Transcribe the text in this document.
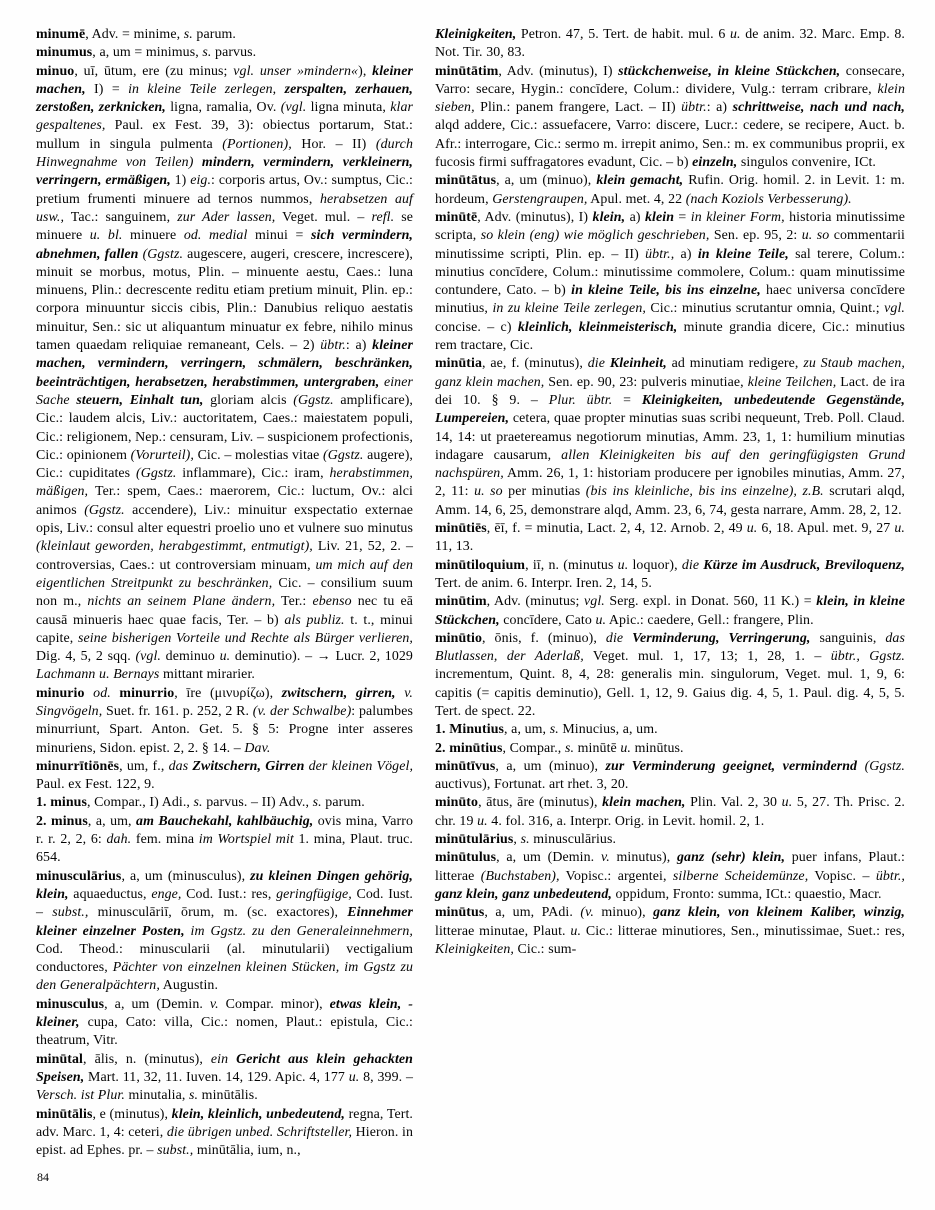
minumē, Adv. = minime, s. parum.

minumus, a, um = minimus, s. parvus.

minuo, uī, ūtum, ere (zu minus; vgl. unser »mindern«), kleiner machen, I) = in kleine Teile zerlegen, zerspalten, zerhauen, zerstoßen, zerknicken, ligna, ramalia, Ov. (vgl. ligna minuta, klar gespaltenes, Paul. ex Fest. 39, 3): obiectus portarum, Stat.: mullum in singula pulmenta (Portionen), Hor. – II) (durch Hinwegnahme von Teilen) mindern, vermindern, verkleinern, verringern, ermäßigen, 1) eig.: corporis artus, Ov.: sumptus, Cic.: pretium frumenti minuere ad ternos nummos, herabsetzen auf usw., Tac.: sanguinem, zur Ader lassen, Veget. mul. – refl. se minuere u. bl. minuere od. medial minui = sich vermindern, abnehmen, fallen (Ggstz. augescere, augeri, crescere, increscere), minuit se morbus, motus, Plin. – minuente aestu, Caes.: luna minuens, Plin.: decrescente reditu etiam pretium minuit, Plin. ep.: corpora minuuntur siccis cibis, Plin.: Danubius reliquo aestatis minuitur, Sen.: sic ut aliquantum minuatur ex febre, nihilo minus tamen quaedam reliquiae remaneant, Cels. – 2) übtr.: a) kleiner machen, vermindern, verringern, schmälern, beschränken, beeinträchtigen, herabsetzen, herabstimmen, untergraben, einer Sache steuern, Einhalt tun, gloriam alcis (Ggstz. amplificare), Cic.: laudem alcis, Liv.: auctoritatem, Caes.: maiestatem populi, Cic.: religionem, Nep.: censuram, Liv. – suspicionem profectionis, Cic.: opinionem (Vorurteil), Cic. – molestias vitae (Ggstz. augere), Cic.: cupiditates (Ggstz. inflammare), Cic.: iram, herabstimmen, mäßigen, Ter.: spem, Caes.: maerorem, Cic.: luctum, Ov.: alci animos (Ggstz. accendere), Liv.: minuitur exspectatio externae opis, Liv.: consul alter equestri proelio uno et vulnere suo minutus (kleinlaut geworden, herabgestimmt, entmutigt), Liv. 21, 52, 2. – controversias, Caes.: ut controversiam minuam, um mich auf den eigentlichen Streitpunkt zu beschränken, Cic. – consilium suum non m., nichts an seinem Plane ändern, Ter.: ebenso nec tu eā causā minueris haec quae facis, Ter. – b) als publiz. t. t., minui capite, seine bisherigen Vorteile und Rechte als Bürger verlieren, Dig. 4, 5, 2 sqq. (vgl. deminuo u. deminutio). – → Lucr. 2, 1029 Lachmann u. Bernays mittant mirarier.

minurio od. minurrio, īre (μινυρίζω), zwitschern, girren, v. Singvögeln, Suet. fr. 161. p. 252, 2 R. (v. der Schwalbe): palumbes minurriunt, Spart. Anton. Get. 5. § 5: Progne inter asseres minuriens, Sidon. epist. 2, 2. § 14. – Dav.

minurrītiōnēs, um, f., das Zwitschern, Girren der kleinen Vögel, Paul. ex Fest. 122, 9.

1. minus, Compar., I) Adi., s. parvus. – II) Adv., s. parum.

2. minus, a, um, am Bauchekahl, kahlbäuchig, ovis mina, Varro r. r. 2, 2, 6: dah. fem. mina im Wortspiel mit 1. mina, Plaut. truc. 654.

minusculārius, a, um (minusculus), zu kleinen Dingen gehörig, klein, aquaeductus, enge, Cod. Iust.: res, geringfügige, Cod. Iust. – subst., minusculāriī, ōrum, m. (sc. exactores), Einnehmer kleiner einzelner Posten, im Ggstz. zu den Generaleinnehmern, Cod. Theod.: minuscularii (al. minutularii) vectigalium conductores, Pächter von einzelnen kleinen Stücken, im Ggstz zu den Generalpächtern, Augustin.

minusculus, a, um (Demin. v. Compar. minor), etwas klein, -kleiner, cupa, Cato: villa, Cic.: nomen, Plaut.: epistula, Cic.: theatrum, Vitr.

minūtal, ālis, n. (minutus), ein Gericht aus klein gehackten Speisen, Mart. 11, 32, 11. Iuven. 14, 129. Apic. 4, 177 u. 8, 399. – Versch. ist Plur. minutalia, s. minūtālis.

minūtālis, e (minutus), klein, kleinlich, unbedeutend, regna, Tert. adv. Marc. 1, 4: ceteri, die übrigen unbed. Schriftsteller, Hieron. in epist. ad Ephes. pr. – subst., minūtālia, ium, n.,

Kleinigkeiten, Petron. 47, 5. Tert. de habit. mul. 6 u. de anim. 32. Marc. Emp. 8. Not. Tir. 30, 83.

minūtātim, Adv. (minutus), I) stückchenweise, in kleine Stückchen, consecare, Varro: secare, Hygin.: concīdere, Colum.: dividere, Vulg.: terram cribrare, klein sieben, Plin.: panem frangere, Lact. – II) übtr.: a) schrittweise, nach und nach, alqd addere, Cic.: assuefacere, Varro: discere, Lucr.: cedere, se recipere, Auct. b. Afr.: interrogare, Cic.: sermo m. irrepit animo, Sen.: m. ex communibus proprii, ex fucosis firmi suffragatores evadunt, Cic. – b) einzeln, singulos convenire, ICt.

minūtātus, a, um (minuo), klein gemacht, Rufin. Orig. homil. 2. in Levit. 1: m. hordeum, Gerstengraupen, Apul. met. 4, 22 (nach Koziols Verbesserung).

minūtē, Adv. (minutus), I) klein, a) klein = in kleiner Form, historia minutissime scripta, so klein (eng) wie möglich geschrieben, Sen. ep. 95, 2: u. so commentarii minutissime scripti, Plin. ep. – II) übtr., a) in kleine Teile, sal terere, Colum.: minutius concīdere, Colum.: minutissime commolere, Colum.: quam minutissime contundere, Cato. – b) in kleine Teile, bis ins einzelne, haec universa concīdere minutius, in zu kleine Teile zerlegen, Cic.: minutius scrutantur omnia, Quint.; vgl. concise. – c) kleinlich, kleinmeisterisch, minute grandia dicere, Cic.: minutius rem tractare, Cic.

minūtia, ae, f. (minutus), die Kleinheit, ad minutiam redigere, zu Staub machen, ganz klein machen, Sen. ep. 90, 23: pulveris minutiae, kleine Teilchen, Lact. de ira dei 10. § 9. – Plur. übtr. = Kleinigkeiten, unbedeutende Gegenstände, Lumpereien, cetera, quae propter minutias suas scribi nequeunt, Treb. Poll. Claud. 14, 14: ut praetereamus negotiorum minutias, Amm. 23, 1, 1: humilium minutias indagare causarum, allen Kleinigkeiten bis auf den geringfügigsten Grund nachspüren, Amm. 26, 1, 1: historiam producere per ignobiles minutias, Amm. 27, 2, 11: u. so per minutias (bis ins kleinliche, bis ins einzelne), z.B. scrutari alqd, Amm. 14, 6, 25, demonstrare alqd, Amm. 23, 6, 74, gesta narrare, Amm. 28, 2, 12.

minūtiēs, ēī, f. = minutia, Lact. 2, 4, 12. Arnob. 2, 49 u. 6, 18. Apul. met. 9, 27 u. 11, 13.

minūtiloquium, iī, n. (minutus u. loquor), die Kürze im Ausdruck, Breviloquenz, Tert. de anim. 6. Interpr. Iren. 2, 14, 5.

minūtim, Adv. (minutus; vgl. Serg. expl. in Donat. 560, 11 K.) = klein, in kleine Stückchen, concīdere, Cato u. Apic.: caedere, Gell.: frangere, Plin.

minūtio, ōnis, f. (minuo), die Verminderung, Verringerung, sanguinis, das Blutlassen, der Aderlaß, Veget. mul. 1, 17, 13; 1, 28, 1. – übtr., Ggstz. incrementum, Quint. 8, 4, 28: generalis min. singulorum, Veget. mul. 1, 9, 6: capitis (= capitis deminutio), Gell. 1, 12, 9. Gaius dig. 4, 5, 1. Paul. dig. 4, 5, 5. Tert. de spect. 22.

1. Minutius, a, um, s. Minucius, a, um.

2. minūtius, Compar., s. minūtē u. minūtus.

minūtīvus, a, um (minuo), zur Verminderung geeignet, vermindernd (Ggstz. auctivus), Fortunat. art rhet. 3, 20.

minūto, ātus, āre (minutus), klein machen, Plin. Val. 2, 30 u. 5, 27. Th. Prisc. 2. chr. 19 u. 4. fol. 316, a. Interpr. Orig. in Levit. homil. 2, 1.

minūtulārius, s. minusculārius.

minūtulus, a, um (Demin. v. minutus), ganz (sehr) klein, puer infans, Plaut.: litterae (Buchstaben), Vopisc.: argentei, silberne Scheidemünze, Vopisc. – übtr., ganz klein, ganz unbedeutend, oppidum, Fronto: summa, ICt.: quaestio, Macr.

minūtus, a, um, PAdi. (v. minuo), ganz klein, von kleinem Kaliber, winzig, litterae minutae, Plaut. u. Cic.: litterae minutiores, Sen., minutissimae, Suet.: res, Kleinigkeiten, Cic.: sum-

84
